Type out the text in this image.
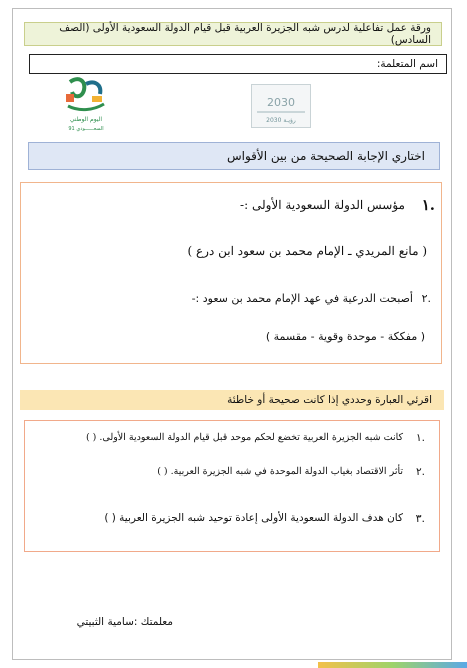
ورقة عمل تفاعلية لدرس شبه الجزيرة العربية قبل قيام الدولة السعودية الأولى (الصف السادس)
اسم المتعلمة:
اليوم الوطني
السعــــــودي 91
2030
رؤيـة 2030
اختاري الإجابة الصحيحة من بين الأقواس
.١
مؤسس الدولة السعودية الأولى :-
( مانع المريدي ـ الإمام محمد بن سعود ابن درع )
.٢
أصبحت الدرعية في عهد الإمام محمد بن سعود :-
( مفككة - موحدة وقوية - مقسمة )
اقرئي العبارة وحددي إذا كانت صحيحة أو خاطئة
.١
كانت شبه الجزيرة العربية تخضع لحكم موحد قبل قيام الدولة السعودية الأولى. ( )
.٢
تأثر الاقتصاد بغياب الدولة الموحدة في شبه الجزيرة العربية. ( )
.٣
كان هدف الدولة السعودية الأولى إعادة توحيد شبه الجزيرة العربية ( )
معلمتك :سامية الثبيتي
